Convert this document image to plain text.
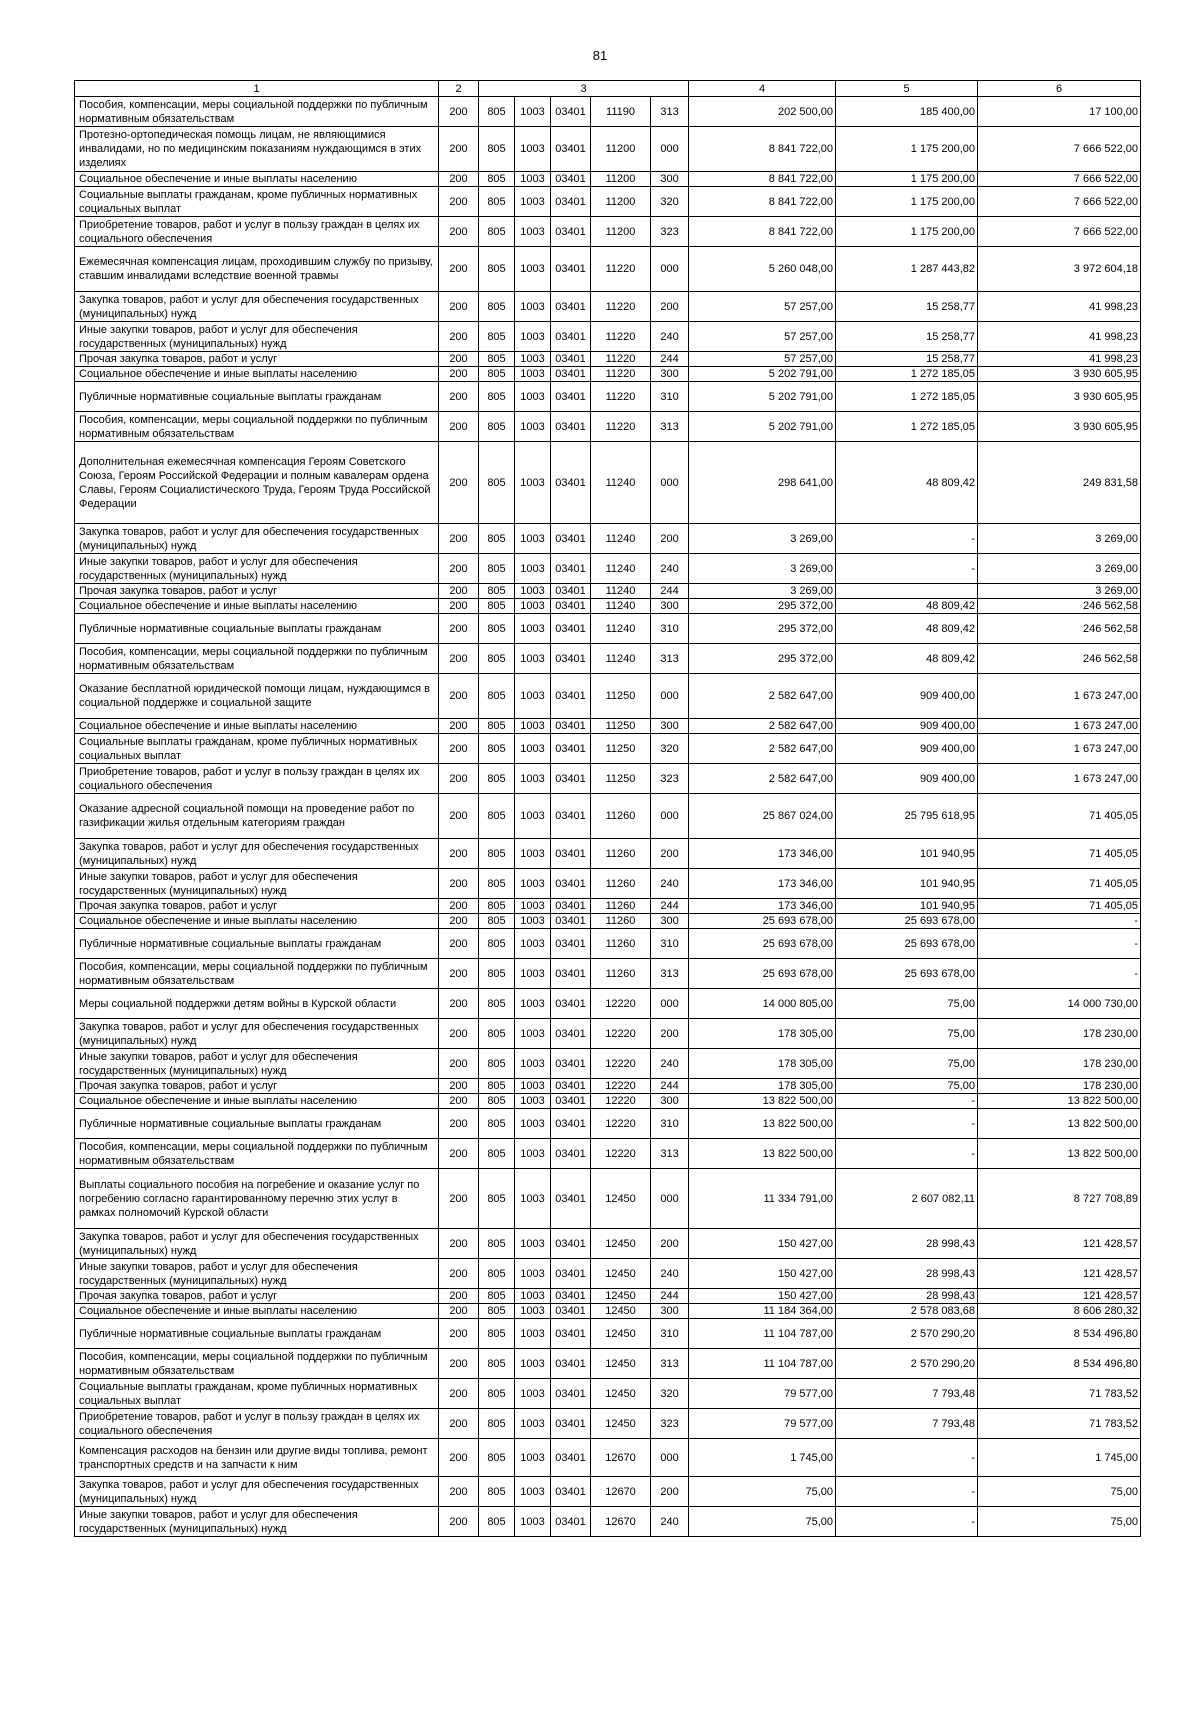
81
1	2	3					4	5	6
Пособия, компенсации, меры социальной поддержки по публичным нормативным обязательствам	200	805	1003	03401	11190	313	202 500,00	185 400,00	17 100,00
Протезно-ортопедическая помощь лицам, не являющимися инвалидами, но по медицинским показаниям нуждающимся в этих изделиях	200	805	1003	03401	11200	000	8 841 722,00	1 175 200,00	7 666 522,00
Социальное обеспечение и иные выплаты населению	200	805	1003	03401	11200	300	8 841 722,00	1 175 200,00	7 666 522,00
Социальные выплаты гражданам, кроме публичных нормативных социальных выплат	200	805	1003	03401	11200	320	8 841 722,00	1 175 200,00	7 666 522,00
Приобретение товаров, работ и услуг в пользу граждан в целях их социального обеспечения	200	805	1003	03401	11200	323	8 841 722,00	1 175 200,00	7 666 522,00
Ежемесячная компенсация лицам, проходившим службу по призыву, ставшим инвалидами вследствие военной травмы	200	805	1003	03401	11220	000	5 260 048,00	1 287 443,82	3 972 604,18
Закупка товаров, работ и услуг для обеспечения государственных (муниципальных) нужд	200	805	1003	03401	11220	200	57 257,00	15 258,77	41 998,23
Иные закупки товаров, работ и услуг для обеспечения государственных (муниципальных) нужд	200	805	1003	03401	11220	240	57 257,00	15 258,77	41 998,23
Прочая закупка товаров, работ и услуг	200	805	1003	03401	11220	244	57 257,00	15 258,77	41 998,23
Социальное обеспечение и иные выплаты населению	200	805	1003	03401	11220	300	5 202 791,00	1 272 185,05	3 930 605,95
Публичные нормативные социальные выплаты гражданам	200	805	1003	03401	11220	310	5 202 791,00	1 272 185,05	3 930 605,95
Пособия, компенсации, меры социальной поддержки по публичным нормативным обязательствам	200	805	1003	03401	11220	313	5 202 791,00	1 272 185,05	3 930 605,95
Дополнительная ежемесячная компенсация Героям Советского Союза, Героям Российской Федерации и полным кавалерам ордена Славы, Героям Социалистического Труда, Героям Труда Российской Федерации	200	805	1003	03401	11240	000	298 641,00	48 809,42	249 831,58
Закупка товаров, работ и услуг для обеспечения государственных (муниципальных) нужд	200	805	1003	03401	11240	200	3 269,00	-	3 269,00
Иные закупки товаров, работ и услуг для обеспечения государственных (муниципальных) нужд	200	805	1003	03401	11240	240	3 269,00	-	3 269,00
Прочая закупка товаров, работ и услуг	200	805	1003	03401	11240	244	3 269,00		3 269,00
Социальное обеспечение и иные выплаты населению	200	805	1003	03401	11240	300	295 372,00	48 809,42	246 562,58
Публичные нормативные социальные выплаты гражданам	200	805	1003	03401	11240	310	295 372,00	48 809,42	246 562,58
Пособия, компенсации, меры социальной поддержки по публичным нормативным обязательствам	200	805	1003	03401	11240	313	295 372,00	48 809,42	246 562,58
Оказание бесплатной юридической помощи лицам, нуждающимся в социальной поддержке и социальной защите	200	805	1003	03401	11250	000	2 582 647,00	909 400,00	1 673 247,00
Социальное обеспечение и иные выплаты населению	200	805	1003	03401	11250	300	2 582 647,00	909 400,00	1 673 247,00
Социальные выплаты гражданам, кроме публичных нормативных социальных выплат	200	805	1003	03401	11250	320	2 582 647,00	909 400,00	1 673 247,00
Приобретение товаров, работ и услуг в пользу граждан в целях их социального обеспечения	200	805	1003	03401	11250	323	2 582 647,00	909 400,00	1 673 247,00
Оказание адресной социальной помощи на проведение работ по газификации жилья отдельным категориям граждан	200	805	1003	03401	11260	000	25 867 024,00	25 795 618,95	71 405,05
Закупка товаров, работ и услуг для обеспечения государственных (муниципальных) нужд	200	805	1003	03401	11260	200	173 346,00	101 940,95	71 405,05
Иные закупки товаров, работ и услуг для обеспечения государственных (муниципальных) нужд	200	805	1003	03401	11260	240	173 346,00	101 940,95	71 405,05
Прочая закупка товаров, работ и услуг	200	805	1003	03401	11260	244	173 346,00	101 940,95	71 405,05
Социальное обеспечение и иные выплаты населению	200	805	1003	03401	11260	300	25 693 678,00	25 693 678,00	-
Публичные нормативные социальные выплаты гражданам	200	805	1003	03401	11260	310	25 693 678,00	25 693 678,00	-
Пособия, компенсации, меры социальной поддержки по публичным нормативным обязательствам	200	805	1003	03401	11260	313	25 693 678,00	25 693 678,00	-
Меры социальной поддержки детям войны в Курской области	200	805	1003	03401	12220	000	14 000 805,00	75,00	14 000 730,00
Закупка товаров, работ и услуг для обеспечения государственных (муниципальных) нужд	200	805	1003	03401	12220	200	178 305,00	75,00	178 230,00
Иные закупки товаров, работ и услуг для обеспечения государственных (муниципальных) нужд	200	805	1003	03401	12220	240	178 305,00	75,00	178 230,00
Прочая закупка товаров, работ и услуг	200	805	1003	03401	12220	244	178 305,00	75,00	178 230,00
Социальное обеспечение и иные выплаты населению	200	805	1003	03401	12220	300	13 822 500,00	-	13 822 500,00
Публичные нормативные социальные выплаты гражданам	200	805	1003	03401	12220	310	13 822 500,00	-	13 822 500,00
Пособия, компенсации, меры социальной поддержки по публичным нормативным обязательствам	200	805	1003	03401	12220	313	13 822 500,00	-	13 822 500,00
Выплаты социального пособия на погребение и оказание услуг по погребению согласно гарантированному перечню этих услуг в рамках полномочий Курской области	200	805	1003	03401	12450	000	11 334 791,00	2 607 082,11	8 727 708,89
Закупка товаров, работ и услуг для обеспечения государственных (муниципальных) нужд	200	805	1003	03401	12450	200	150 427,00	28 998,43	121 428,57
Иные закупки товаров, работ и услуг для обеспечения государственных (муниципальных) нужд	200	805	1003	03401	12450	240	150 427,00	28 998,43	121 428,57
Прочая закупка товаров, работ и услуг	200	805	1003	03401	12450	244	150 427,00	28 998,43	121 428,57
Социальное обеспечение и иные выплаты населению	200	805	1003	03401	12450	300	11 184 364,00	2 578 083,68	8 606 280,32
Публичные нормативные социальные выплаты гражданам	200	805	1003	03401	12450	310	11 104 787,00	2 570 290,20	8 534 496,80
Пособия, компенсации, меры социальной поддержки по публичным нормативным обязательствам	200	805	1003	03401	12450	313	11 104 787,00	2 570 290,20	8 534 496,80
Социальные выплаты гражданам, кроме публичных нормативных социальных выплат	200	805	1003	03401	12450	320	79 577,00	7 793,48	71 783,52
Приобретение товаров, работ и услуг в пользу граждан в целях их социального обеспечения	200	805	1003	03401	12450	323	79 577,00	7 793,48	71 783,52
Компенсация расходов на бензин или другие виды топлива, ремонт транспортных средств и на запчасти к ним	200	805	1003	03401	12670	000	1 745,00	-	1 745,00
Закупка товаров, работ и услуг для обеспечения государственных (муниципальных) нужд	200	805	1003	03401	12670	200	75,00	-	75,00
Иные закупки товаров, работ и услуг для обеспечения государственных (муниципальных) нужд	200	805	1003	03401	12670	240	75,00	-	75,00
